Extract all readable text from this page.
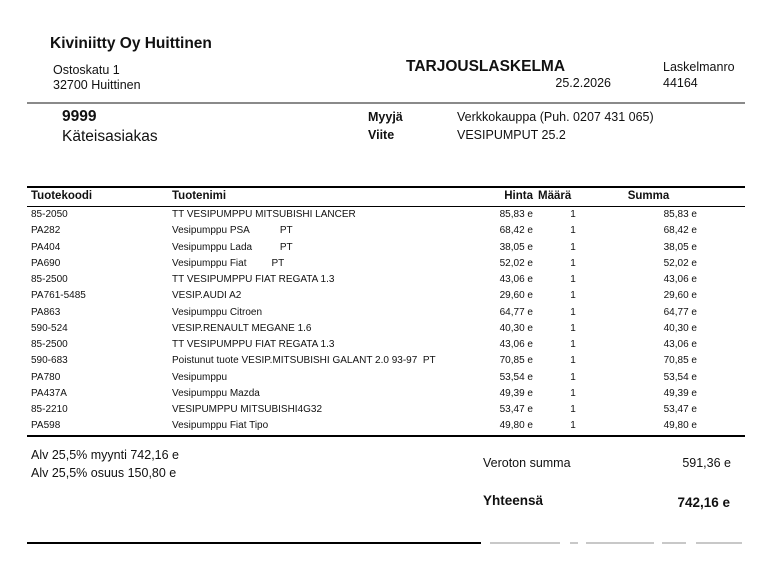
Kiviniitty Oy Huittinen
Ostoskatu 1
32700 Huittinen
TARJOUSLASKELMA
25.2.2026
Laskelmanro
44164
9999
Käteisasiakas
Myyjä	Verkkokauppa (Puh. 0207 431 065)
Viite	VESIPUMPUT 25.2
Tuotekoodi	Tuotenimi	Hinta Määrä	Summa
85-2050	TT VESIPUMPPU MITSUBISHI LANCER	85,83 e	1	85,83 e
PA282	Vesipumppu PSA           PT	68,42 e	1	68,42 e
PA404	Vesipumppu Lada          PT	38,05 e	1	38,05 e
PA690	Vesipumppu Fiat         PT	52,02 e	1	52,02 e
85-2500	TT VESIPUMPPU FIAT REGATA 1.3	43,06 e	1	43,06 e
PA761-5485	VESIP.AUDI A2	29,60 e	1	29,60 e
PA863	Vesipumppu Citroen	64,77 e	1	64,77 e
590-524	VESIP.RENAULT MEGANE 1.6	40,30 e	1	40,30 e
85-2500	TT VESIPUMPPU FIAT REGATA 1.3	43,06 e	1	43,06 e
590-683	Poistunut tuote VESIP.MITSUBISHI GALANT 2.0 93-97  PT	70,85 e	1	70,85 e
PA780	Vesipumppu	53,54 e	1	53,54 e
PA437A	Vesipumppu Mazda	49,39 e	1	49,39 e
85-2210	VESIPUMPPU MITSUBISHI4G32	53,47 e	1	53,47 e
PA598	Vesipumppu Fiat Tipo	49,80 e	1	49,80 e
Alv 25,5% myynti 742,16 e
Alv 25,5% osuus 150,80 e
Veroton summa	591,36 e
Yhteensä	742,16 e
